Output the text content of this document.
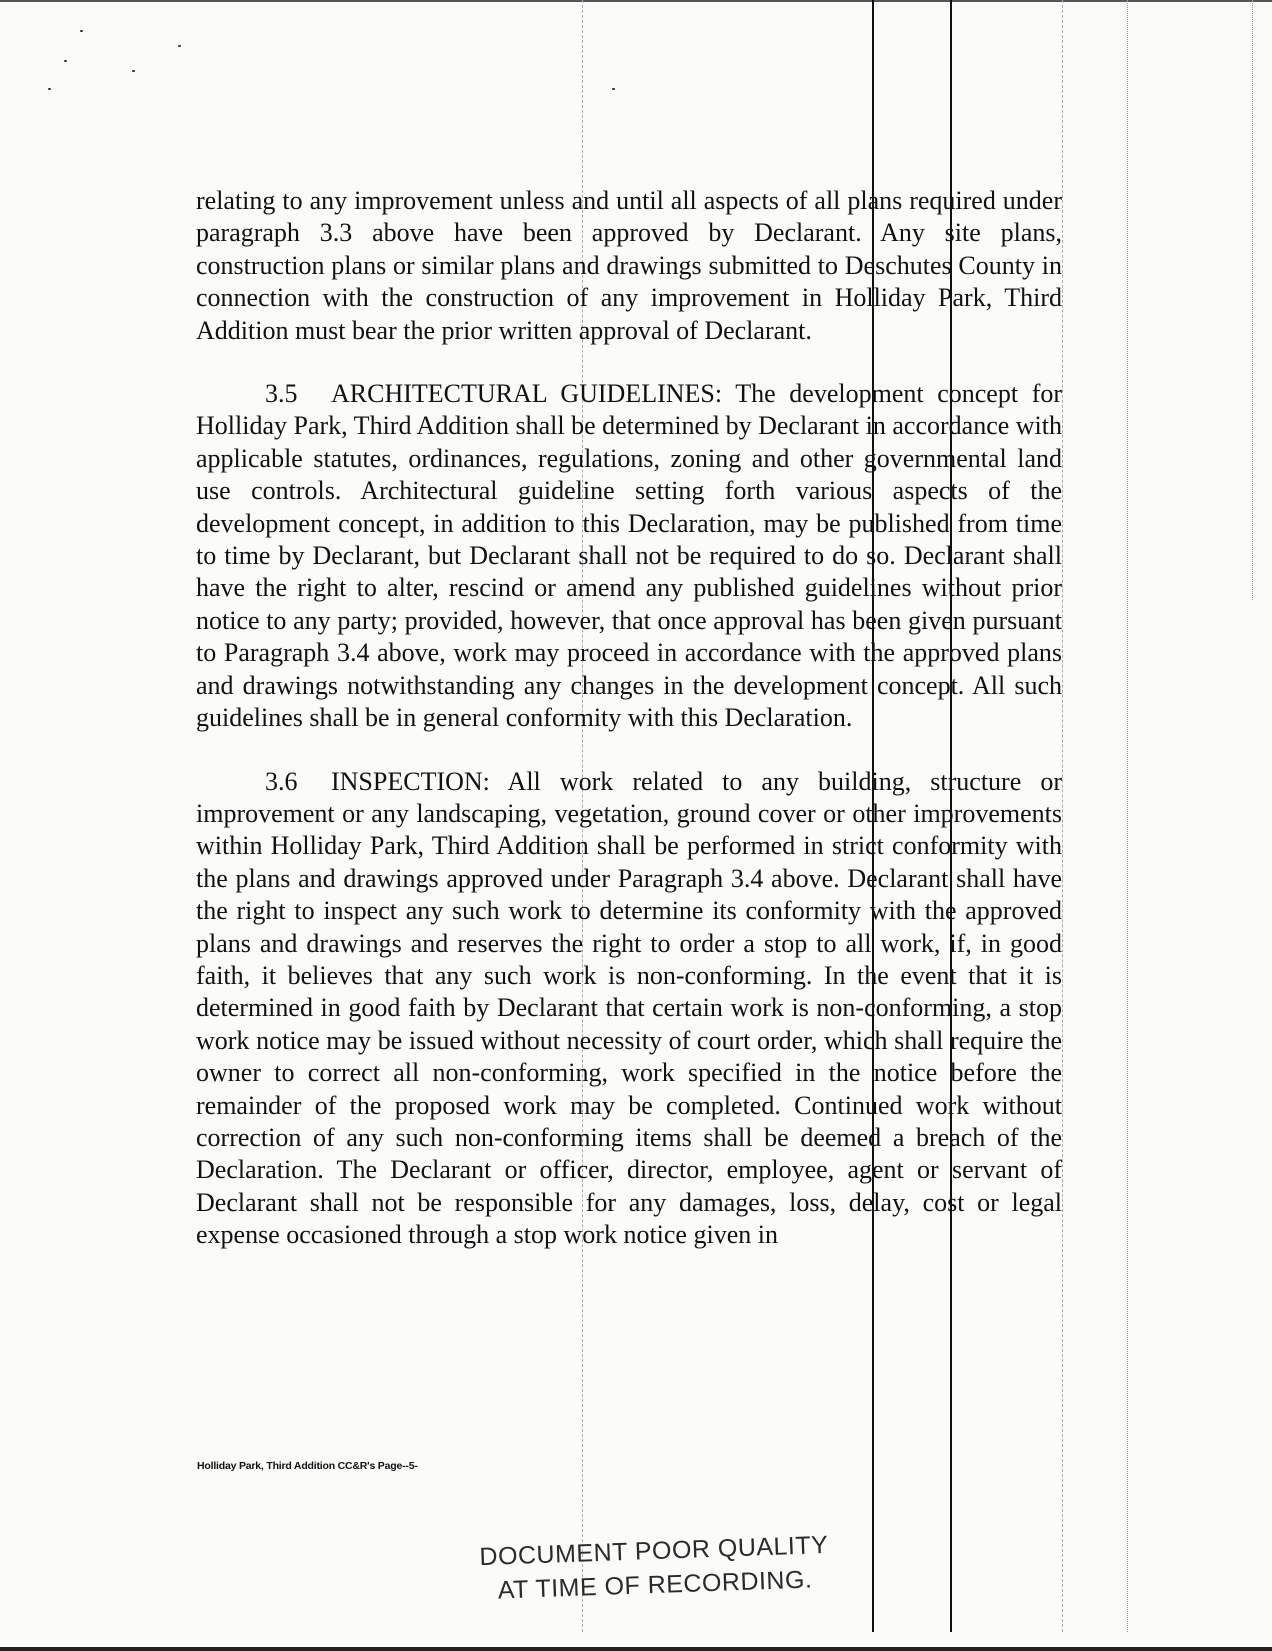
relating to any improvement unless and until all aspects of all plans required under paragraph 3.3 above have been approved by Declarant. Any site plans, construction plans or similar plans and drawings submitted to Deschutes County in connection with the construction of any improvement in Holliday Park, Third Addition must bear the prior written approval of Declarant.

3.5 ARCHITECTURAL GUIDELINES: The development concept for Holliday Park, Third Addition shall be determined by Declarant in accordance with applicable statutes, ordinances, regulations, zoning and other governmental land use controls. Architectural guideline setting forth various aspects of the development concept, in addition to this Declaration, may be published from time to time by Declarant, but Declarant shall not be required to do so. Declarant shall have the right to alter, rescind or amend any published guidelines without prior notice to any party; provided, however, that once approval has been given pursuant to Paragraph 3.4 above, work may proceed in accordance with the approved plans and drawings notwithstanding any changes in the development concept. All such guidelines shall be in general conformity with this Declaration.

3.6 INSPECTION: All work related to any building, structure or improvement or any landscaping, vegetation, ground cover or other improvements within Holliday Park, Third Addition shall be performed in strict conformity with the plans and drawings approved under Paragraph 3.4 above. Declarant shall have the right to inspect any such work to determine its conformity with the approved plans and drawings and reserves the right to order a stop to all work, if, in good faith, it believes that any such work is non-conforming. In the event that it is determined in good faith by Declarant that certain work is non-conforming, a stop work notice may be issued without necessity of court order, which shall require the owner to correct all non-conforming, work specified in the notice before the remainder of the proposed work may be completed. Continued work without correction of any such non-conforming items shall be deemed a breach of the Declaration. The Declarant or officer, director, employee, agent or servant of Declarant shall not be responsible for any damages, loss, delay, cost or legal expense occasioned through a stop work notice given in

Holliday Park, Third Addition CC&R's Page--5-
DOCUMENT POOR QUALITY
AT TIME OF RECORDING.
